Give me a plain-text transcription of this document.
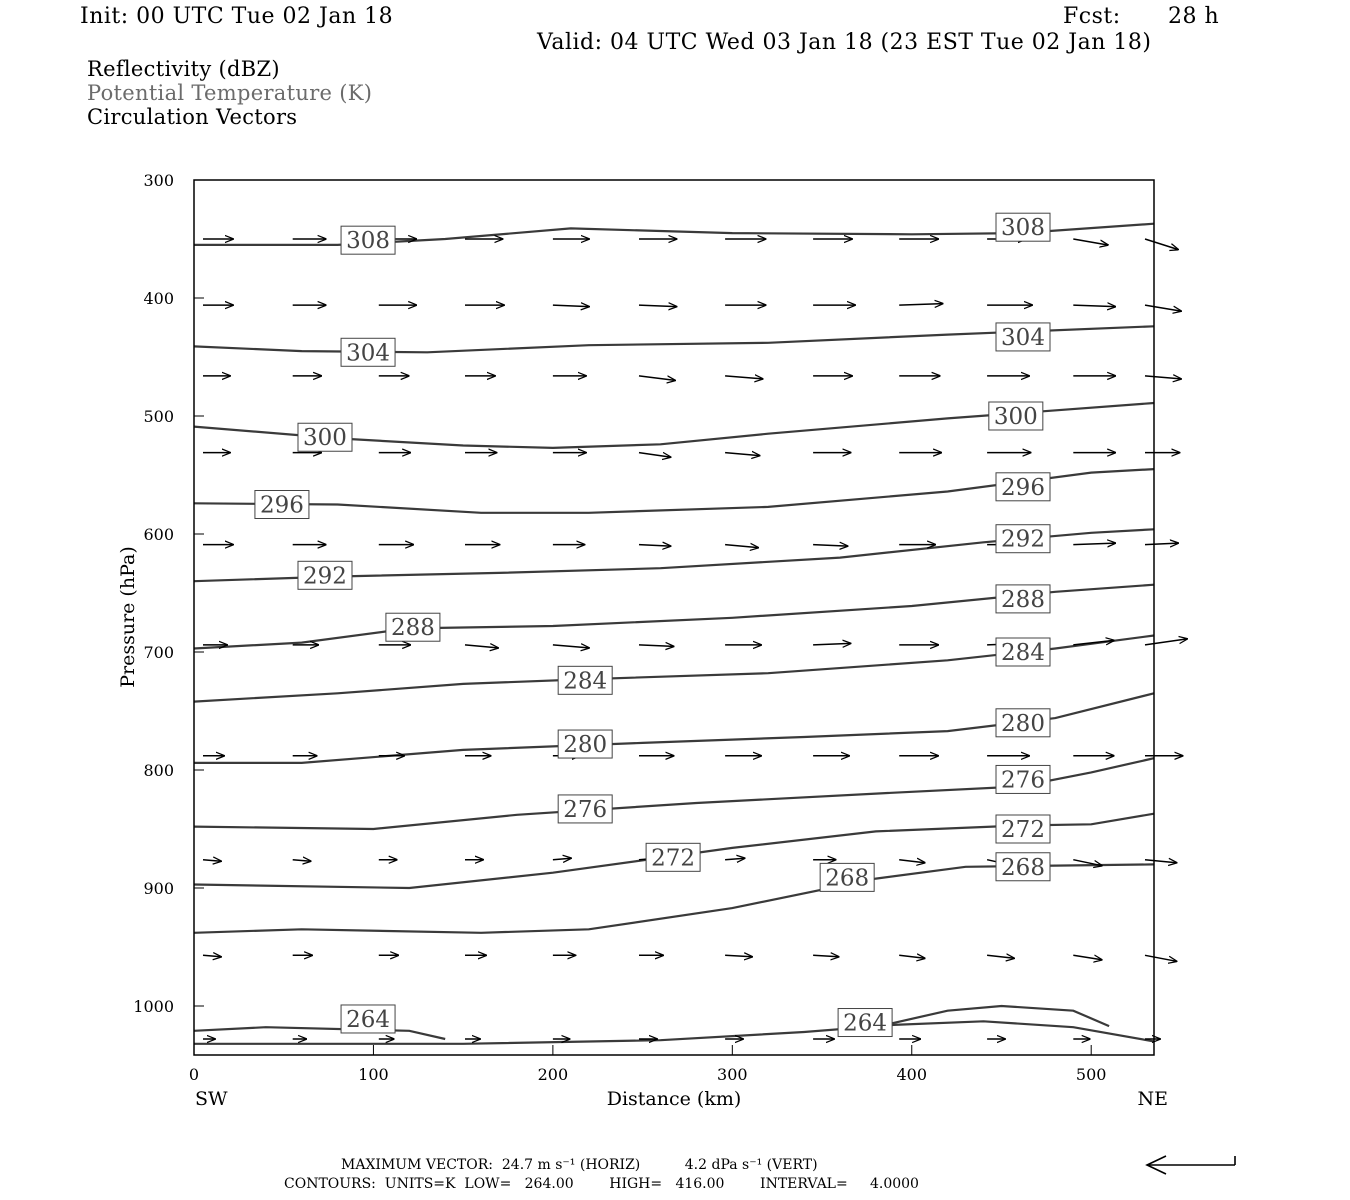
Init: 00 UTC Tue 02 Jan 18	Fcst: 28 h
Valid: 04 UTC Wed 03 Jan 18 (23 EST Tue 02 Jan 18)
Reflectivity (dBZ)
Potential Temperature (K)
Circulation Vectors
308	308
304
304
300
300
296
296
292
292
288
288
284
284
280
280
276
276
272
272
268	268
264	264
0	100	200	300	400	500
300
400
500
600
700
800
900
1000
Distance (km)
SW	NE
Pressure (hPa)
MAXIMUM VECTOR:  24.7 m s⁻¹ (HORIZ)          4.2 dPa s⁻¹ (VERT)
CONTOURS:  UNITS=K  LOW=   264.00        HIGH=   416.00        INTERVAL=     4.0000
